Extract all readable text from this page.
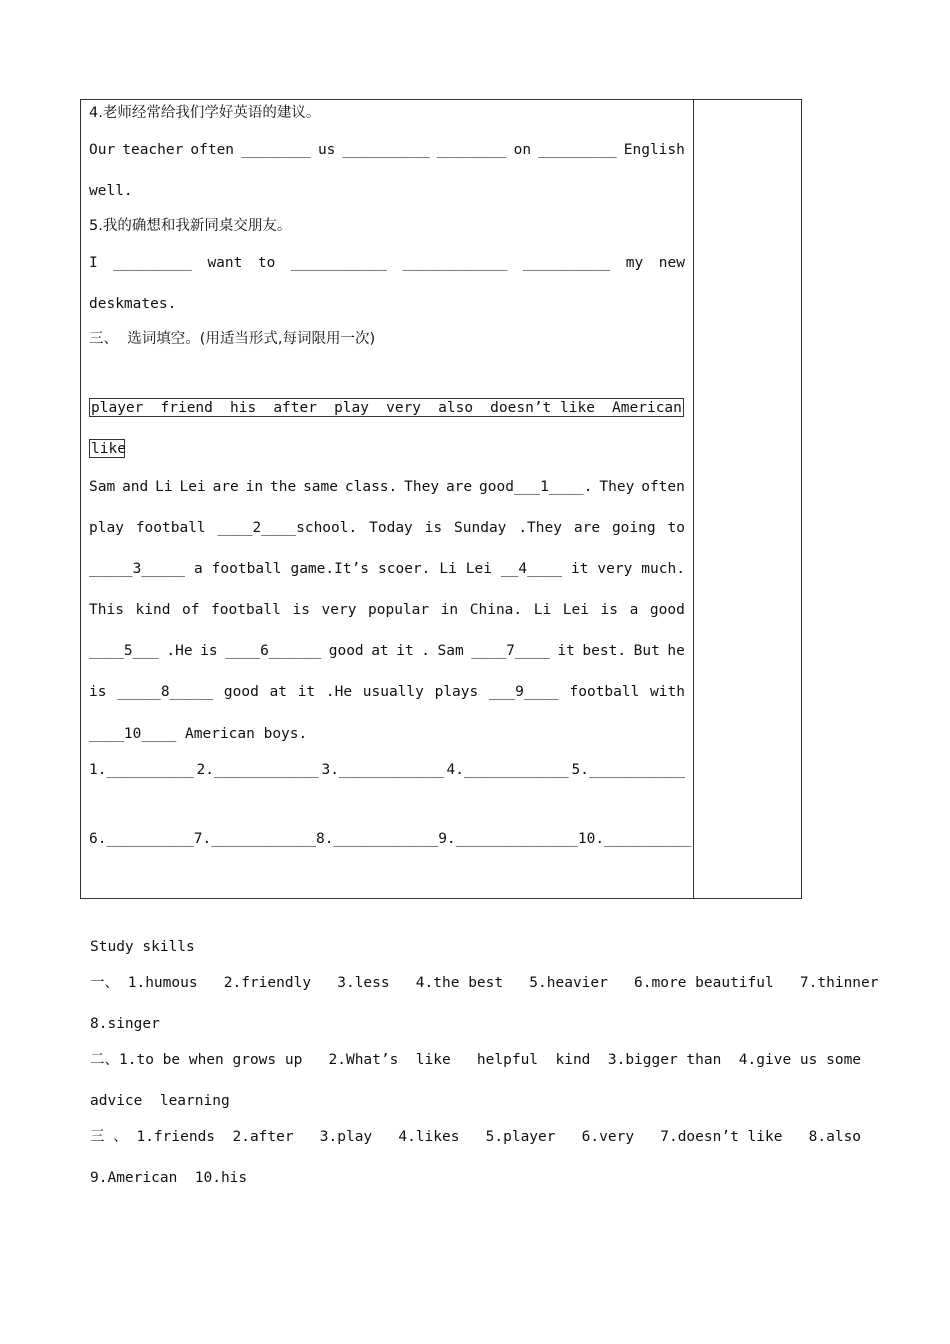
4.老师经常给我们学好英语的建议。
Our teacher often ________ us __________ ________ on _________ English
well.
5.我的确想和我新同桌交朋友。
I _________ want to ___________ ____________ __________ my new
deskmates.
三、  选词填空。(用适当形式,每词限用一次)
player friend his after play very also doesn’t like American
like
Sam and Li Lei are in the same class. They are good___1____. They often
play football ____2____school. Today is Sunday .They are going to
_____3_____ a football game.It’s scoer. Li Lei __4____ it very much.
This kind of football is very popular in China. Li Lei is a good
____5___ .He is ____6______ good at it . Sam ____7____ it best. But he
is _____8_____ good at it .He usually plays ___9____ football with
____10____ American boys.
1.__________ 2.____________ 3.____________ 4.____________ 5.___________
6.__________ 7.____________ 8.____________ 9.______________ 10.__________
Study skills
一、 1.humous   2.friendly   3.less   4.the best   5.heavier   6.more beautiful   7.thinner
8.singer
二、1.to be when grows up   2.What’s  like   helpful  kind  3.bigger than  4.give us some
advice  learning
三 、 1.friends  2.after   3.play   4.likes   5.player   6.very   7.doesn’t like   8.also
9.American  10.his
